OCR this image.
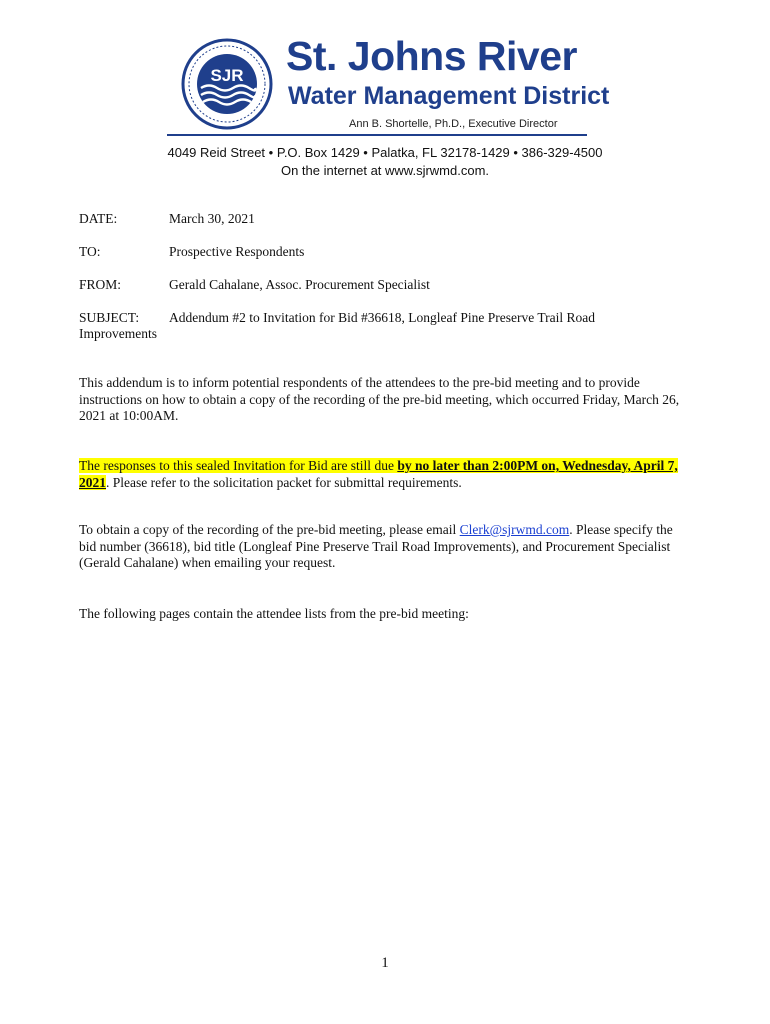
SJR St. Johns River
Water Management District
Ann B. Shortelle, Ph.D., Executive Director
4049 Reid Street • P.O. Box 1429 • Palatka, FL 32178-1429 • 386-329-4500
On the internet at www.sjrwmd.com.
DATE:	March 30, 2021
TO:	Prospective Respondents
FROM:	Gerald Cahalane, Assoc. Procurement Specialist
SUBJECT: Addendum #2 to Invitation for Bid #36618, Longleaf Pine Preserve Trail Road
Improvements

This addendum is to inform potential respondents of the attendees to the pre-bid meeting and to provide instructions on how to obtain a copy of the recording of the pre-bid meeting, which occurred Friday, March 26, 2021 at 10:00AM.

The responses to this sealed Invitation for Bid are still due by no later than 2:00PM on, Wednesday, April 7, 2021. Please refer to the solicitation packet for submittal requirements.

To obtain a copy of the recording of the pre-bid meeting, please email Clerk@sjrwmd.com. Please specify the bid number (36618), bid title (Longleaf Pine Preserve Trail Road Improvements), and Procurement Specialist (Gerald Cahalane) when emailing your request.

The following pages contain the attendee lists from the pre-bid meeting:

1
